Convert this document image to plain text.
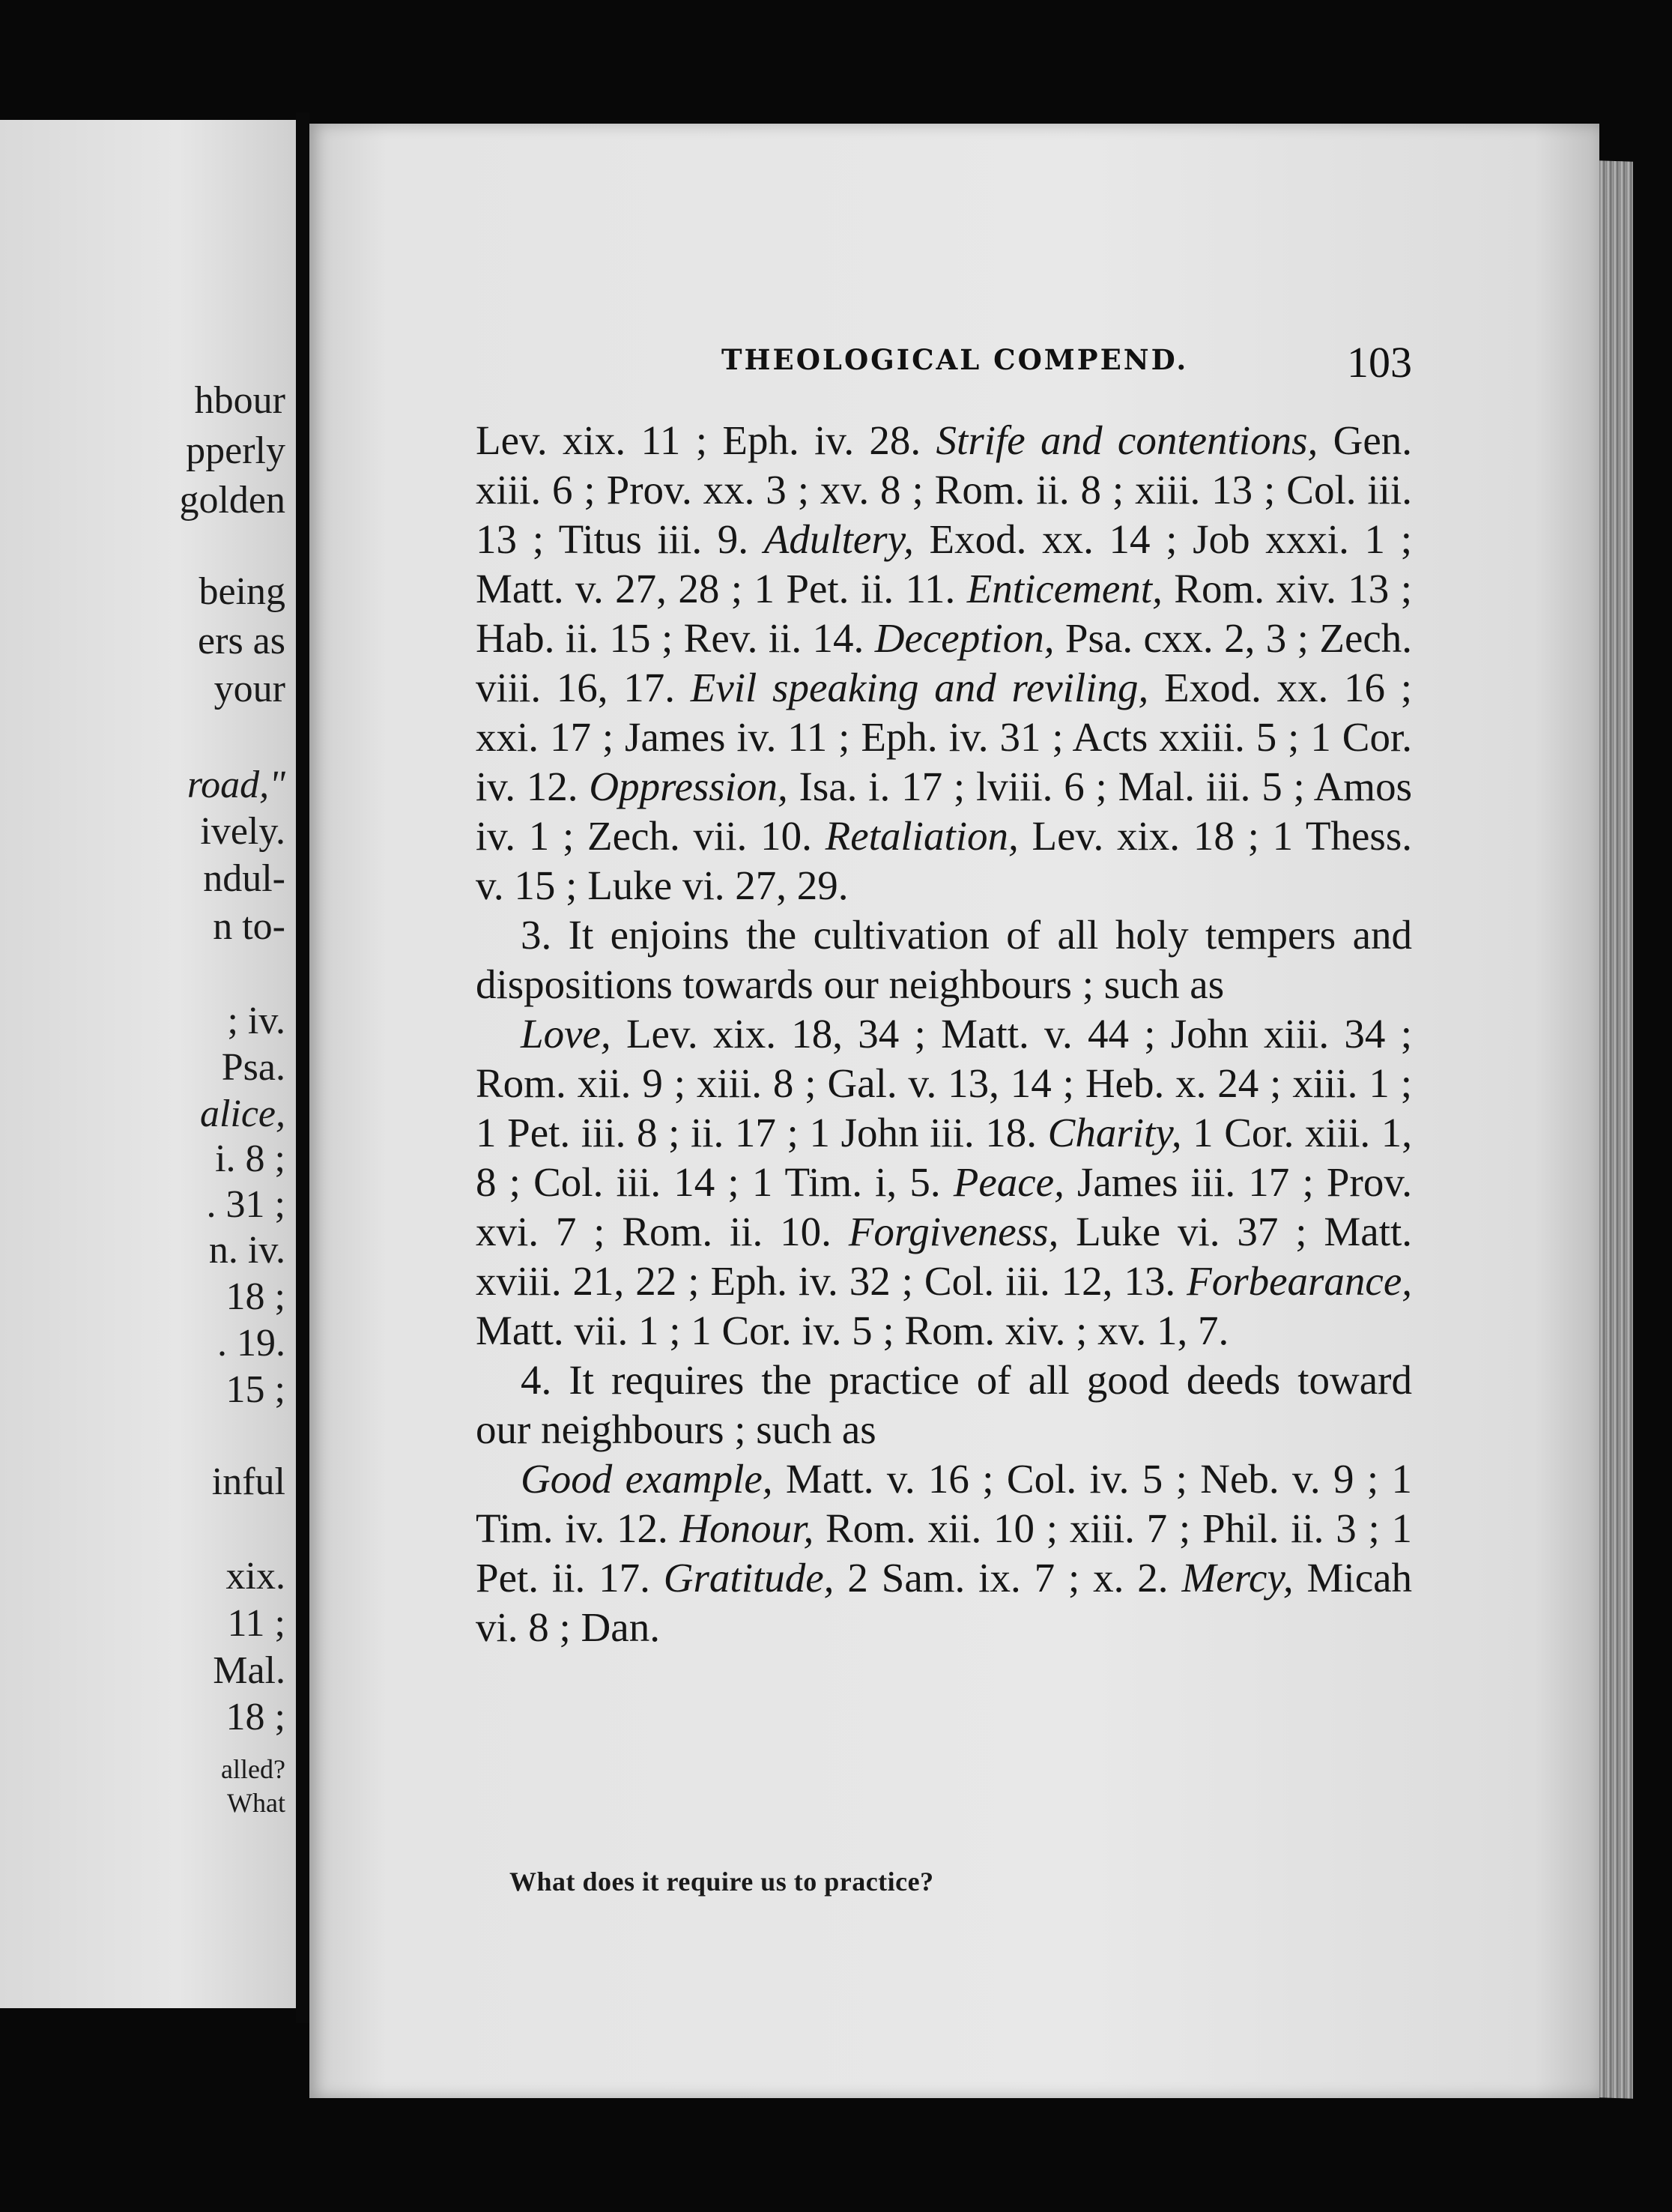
hbour
pperly
golden
being
ers as
your
road,"
ively.
ndul-
n to-
; iv.
Psa.
alice,
i. 8 ;
. 31 ;
n. iv.
18 ;
. 19.
15 ;
inful
xix.
11 ;
Mal.
18 ;
alled?
What
THEOLOGICAL COMPEND.	103

Lev. xix. 11 ; Eph. iv. 28. Strife and contentions, Gen. xiii. 6 ; Prov. xx. 3 ; xv. 8 ; Rom. ii. 8 ; xiii. 13 ; Col. iii. 13 ; Titus iii. 9. Adultery, Exod. xx. 14 ; Job xxxi. 1 ; Matt. v. 27, 28 ; 1 Pet. ii. 11. Enticement, Rom. xiv. 13 ; Hab. ii. 15 ; Rev. ii. 14. Deception, Psa. cxx. 2, 3 ; Zech. viii. 16, 17. Evil speaking and reviling, Exod. xx. 16 ; xxi. 17 ; James iv. 11 ; Eph. iv. 31 ; Acts xxiii. 5 ; 1 Cor. iv. 12. Oppression, Isa. i. 17 ; lviii. 6 ; Mal. iii. 5 ; Amos iv. 1 ; Zech. vii. 10. Retaliation, Lev. xix. 18 ; 1 Thess. v. 15 ; Luke vi. 27, 29.

3. It enjoins the cultivation of all holy tempers and dispositions towards our neighbours ; such as

Love, Lev. xix. 18, 34 ; Matt. v. 44 ; John xiii. 34 ; Rom. xii. 9 ; xiii. 8 ; Gal. v. 13, 14 ; Heb. x. 24 ; xiii. 1 ; 1 Pet. iii. 8 ; ii. 17 ; 1 John iii. 18. Charity, 1 Cor. xiii. 1, 8 ; Col. iii. 14 ; 1 Tim. i, 5. Peace, James iii. 17 ; Prov. xvi. 7 ; Rom. ii. 10. Forgiveness, Luke vi. 37 ; Matt. xviii. 21, 22 ; Eph. iv. 32 ; Col. iii. 12, 13. Forbearance, Matt. vii. 1 ; 1 Cor. iv. 5 ; Rom. xiv. ; xv. 1, 7.

4. It requires the practice of all good deeds toward our neighbours ; such as

Good example, Matt. v. 16 ; Col. iv. 5 ; Neb. v. 9 ; 1 Tim. iv. 12. Honour, Rom. xii. 10 ; xiii. 7 ; Phil. ii. 3 ; 1 Pet. ii. 17. Gratitude, 2 Sam. ix. 7 ; x. 2. Mercy, Micah vi. 8 ; Dan.

What does it require us to practice?
